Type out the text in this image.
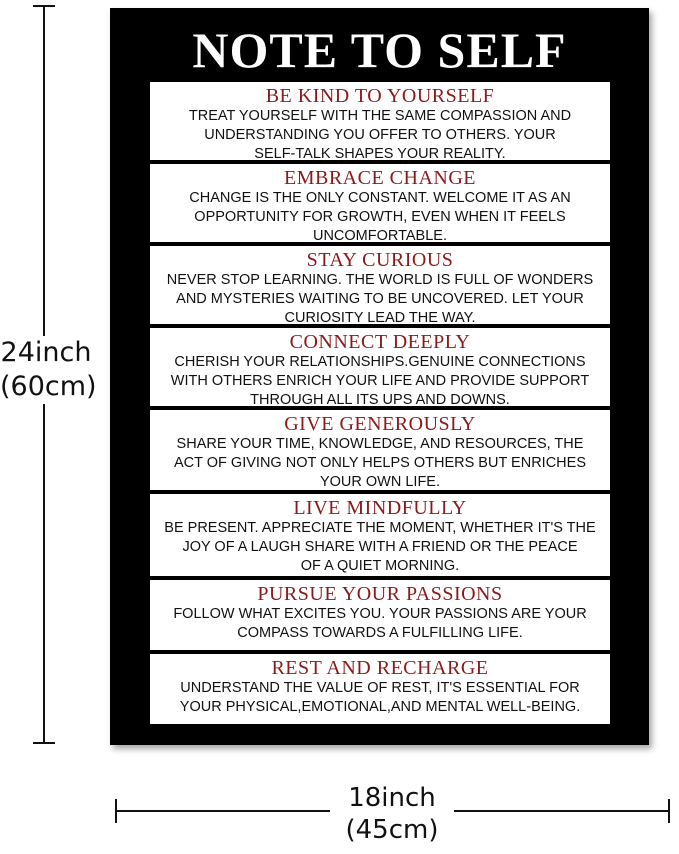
24inch
(60cm)
NOTE TO SELF
BE KIND TO YOURSELF
TREAT YOURSELF WITH THE SAME COMPASSION AND
UNDERSTANDING YOU OFFER TO OTHERS. YOUR
SELF-TALK SHAPES YOUR REALITY.
EMBRACE CHANGE
CHANGE IS THE ONLY CONSTANT. WELCOME IT AS AN
OPPORTUNITY FOR GROWTH, EVEN WHEN IT FEELS
UNCOMFORTABLE.
STAY CURIOUS
NEVER STOP LEARNING. THE WORLD IS FULL OF WONDERS
AND MYSTERIES WAITING TO BE UNCOVERED. LET YOUR
CURIOSITY LEAD THE WAY.
CONNECT DEEPLY
CHERISH YOUR RELATIONSHIPS.GENUINE CONNECTIONS
WITH OTHERS ENRICH YOUR LIFE AND PROVIDE SUPPORT
THROUGH ALL ITS UPS AND DOWNS.
GIVE GENEROUSLY
SHARE YOUR TIME, KNOWLEDGE, AND RESOURCES, THE
ACT OF GIVING NOT ONLY HELPS OTHERS BUT ENRICHES
YOUR OWN LIFE.
LIVE MINDFULLY
BE PRESENT. APPRECIATE THE MOMENT, WHETHER IT'S THE
JOY OF A LAUGH SHARE WITH A FRIEND OR THE PEACE
OF A QUIET MORNING.
PURSUE YOUR PASSIONS
FOLLOW WHAT EXCITES YOU. YOUR PASSIONS ARE YOUR
COMPASS TOWARDS A FULFILLING LIFE.
REST AND RECHARGE
UNDERSTAND THE VALUE OF REST, IT'S ESSENTIAL FOR
YOUR PHYSICAL,EMOTIONAL,AND MENTAL WELL-BEING.
18inch
(45cm)
